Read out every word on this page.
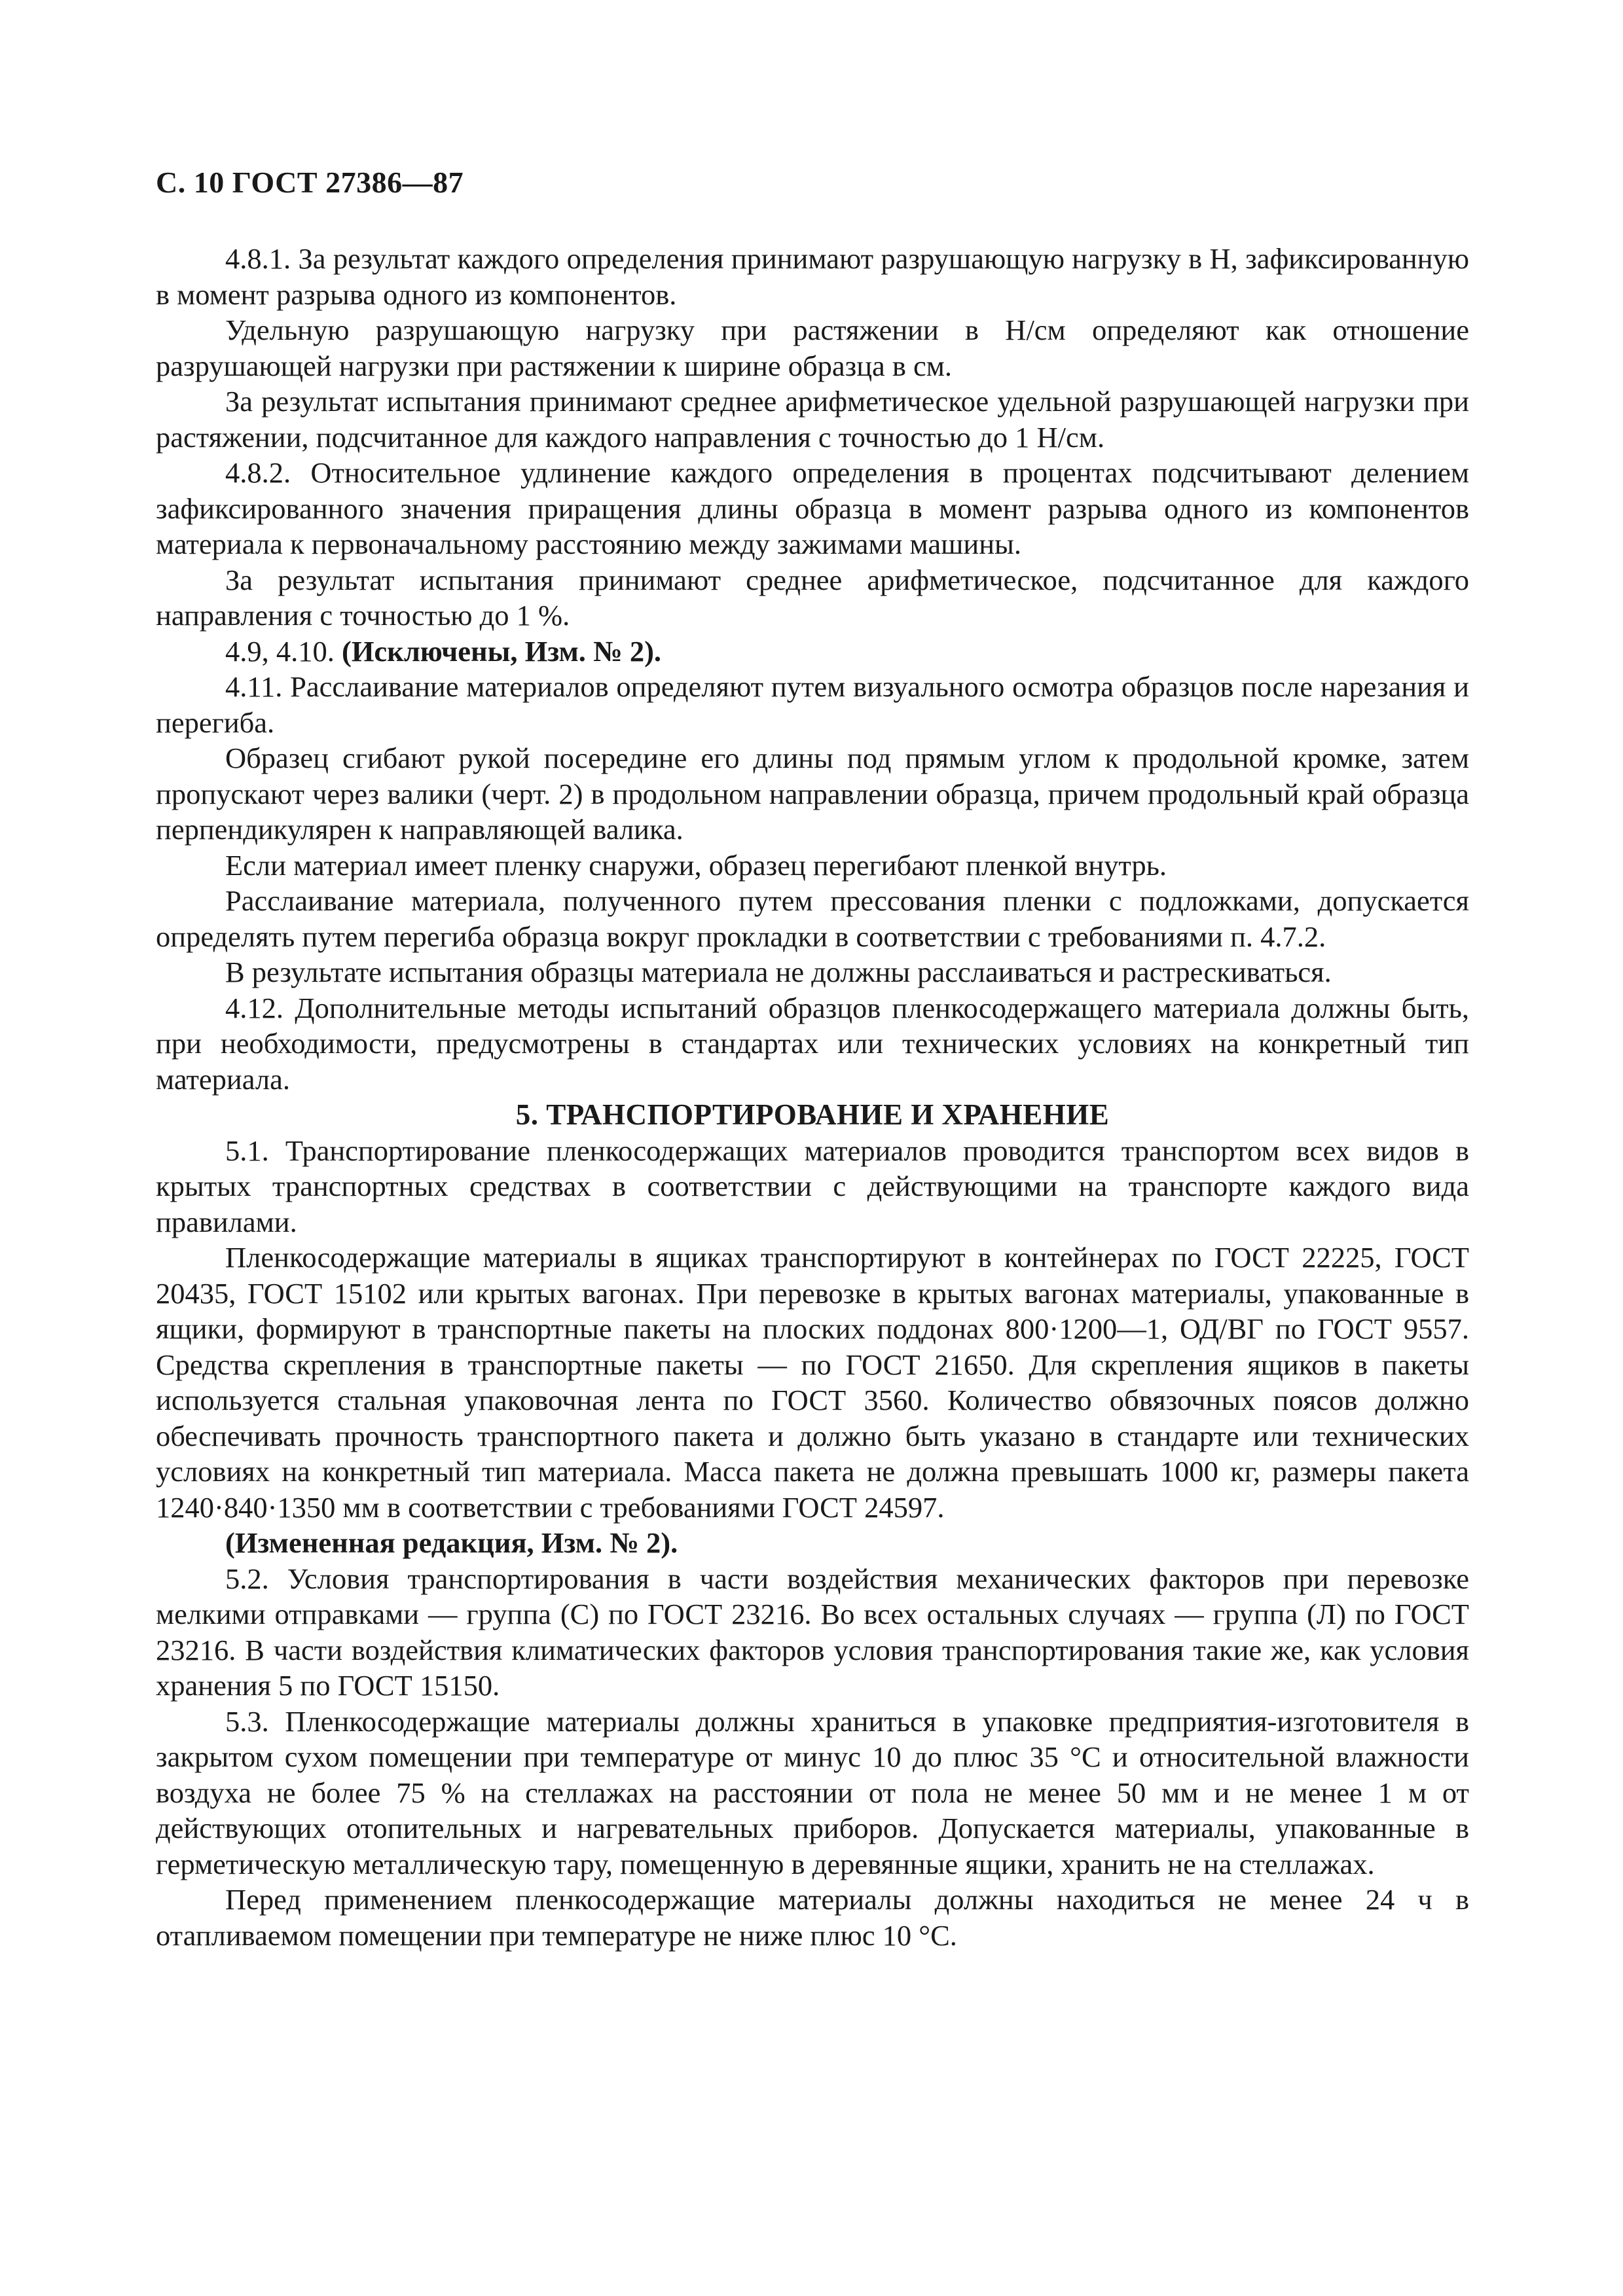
С. 10 ГОСТ 27386—87

4.8.1. За результат каждого определения принимают разрушающую нагрузку в Н, зафиксированную в момент разрыва одного из компонентов.

Удельную разрушающую нагрузку при растяжении в Н/см определяют как отношение разрушающей нагрузки при растяжении к ширине образца в см.

За результат испытания принимают среднее арифметическое удельной разрушающей нагрузки при растяжении, подсчитанное для каждого направления с точностью до 1 Н/см.

4.8.2. Относительное удлинение каждого определения в процентах подсчитывают делением зафиксированного значения приращения длины образца в момент разрыва одного из компонентов материала к первоначальному расстоянию между зажимами машины.

За результат испытания принимают среднее арифметическое, подсчитанное для каждого направления с точностью до 1 %.

4.9, 4.10. (Исключены, Изм. № 2).

4.11. Расслаивание материалов определяют путем визуального осмотра образцов после нарезания и перегиба.

Образец сгибают рукой посередине его длины под прямым углом к продольной кромке, затем пропускают через валики (черт. 2) в продольном направлении образца, причем продольный край образца перпендикулярен к направляющей валика.

Если материал имеет пленку снаружи, образец перегибают пленкой внутрь.

Расслаивание материала, полученного путем прессования пленки с подложками, допускается определять путем перегиба образца вокруг прокладки в соответствии с требованиями п. 4.7.2.

В результате испытания образцы материала не должны расслаиваться и растрескиваться.

4.12. Дополнительные методы испытаний образцов пленкосодержащего материала должны быть, при необходимости, предусмотрены в стандартах или технических условиях на конкретный тип материала.

5. ТРАНСПОРТИРОВАНИЕ И ХРАНЕНИЕ

5.1. Транспортирование пленкосодержащих материалов проводится транспортом всех видов в крытых транспортных средствах в соответствии с действующими на транспорте каждого вида правилами.

Пленкосодержащие материалы в ящиках транспортируют в контейнерах по ГОСТ 22225, ГОСТ 20435, ГОСТ 15102 или крытых вагонах. При перевозке в крытых вагонах материалы, упакованные в ящики, формируют в транспортные пакеты на плоских поддонах 800·1200—1, ОД/ВГ по ГОСТ 9557. Средства скрепления в транспортные пакеты — по ГОСТ 21650. Для скрепления ящиков в пакеты используется стальная упаковочная лента по ГОСТ 3560. Количество обвязочных поясов должно обеспечивать прочность транспортного пакета и должно быть указано в стандарте или технических условиях на конкретный тип материала. Масса пакета не должна превышать 1000 кг, размеры пакета 1240·840·1350 мм в соответствии с требованиями ГОСТ 24597.

(Измененная редакция, Изм. № 2).

5.2. Условия транспортирования в части воздействия механических факторов при перевозке мелкими отправками — группа (С) по ГОСТ 23216. Во всех остальных случаях — группа (Л) по ГОСТ 23216. В части воздействия климатических факторов условия транспортирования такие же, как условия хранения 5 по ГОСТ 15150.

5.3. Пленкосодержащие материалы должны храниться в упаковке предприятия-изготовителя в закрытом сухом помещении при температуре от минус 10 до плюс 35 °С и относительной влажности воздуха не более 75 % на стеллажах на расстоянии от пола не менее 50 мм и не менее 1 м от действующих отопительных и нагревательных приборов. Допускается материалы, упакованные в герметическую металлическую тару, помещенную в деревянные ящики, хранить не на стеллажах.

Перед применением пленкосодержащие материалы должны находиться не менее 24 ч в отапливаемом помещении при температуре не ниже плюс 10 °С.
